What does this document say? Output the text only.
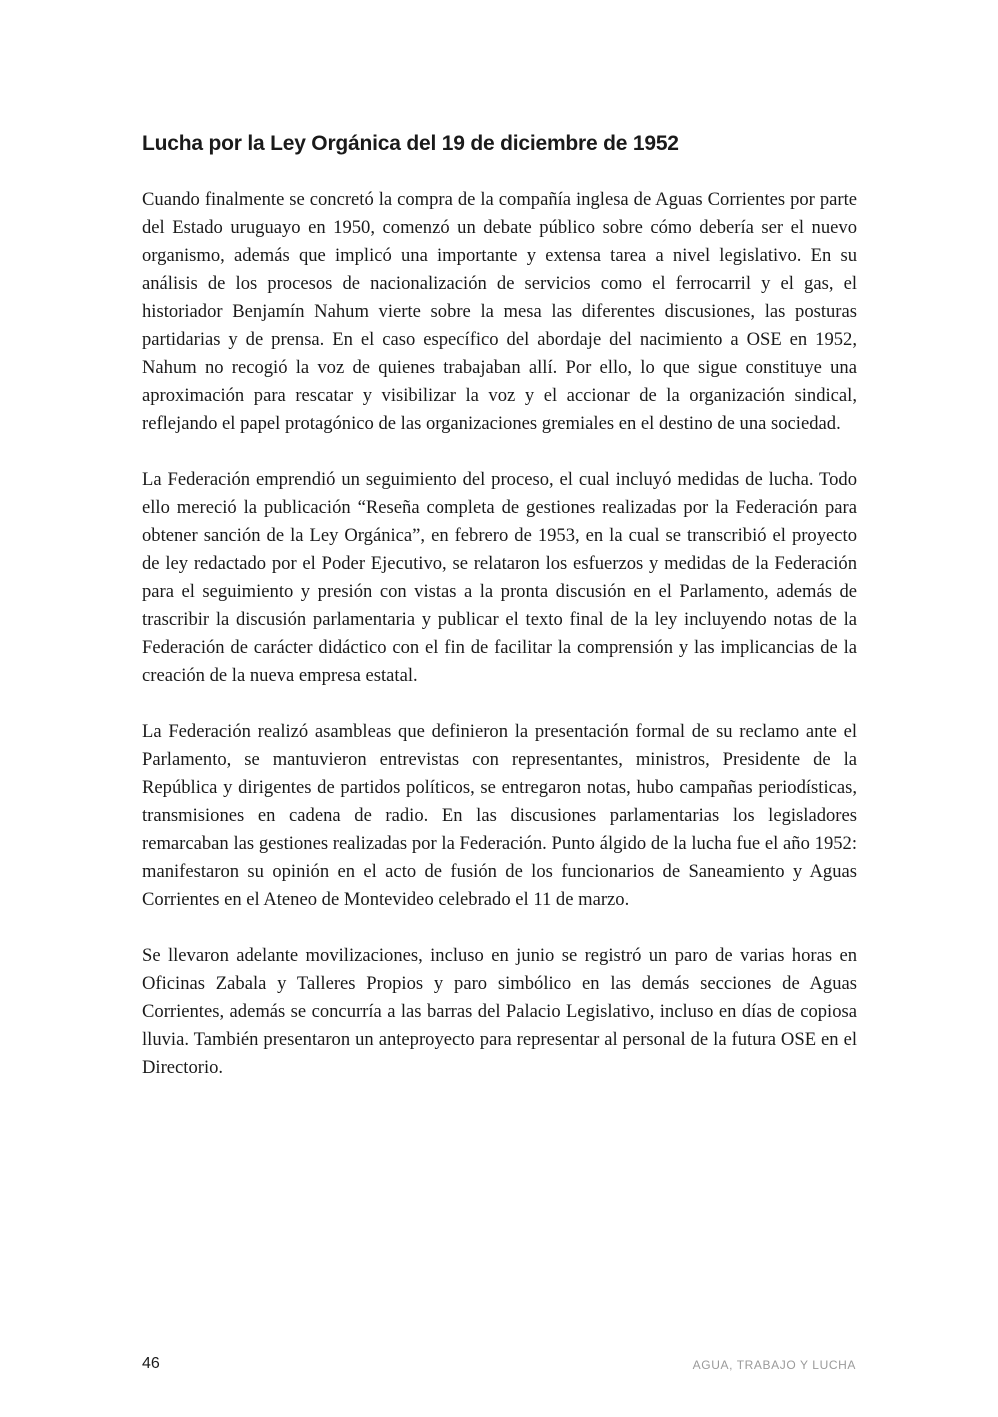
Lucha por la Ley Orgánica del 19 de diciembre de 1952

Cuando finalmente se concretó la compra de la compañía inglesa de Aguas Corrientes por parte del Estado uruguayo en 1950, comenzó un debate público sobre cómo debería ser el nuevo organismo, además que implicó una importante y extensa tarea a nivel legislativo. En su análisis de los procesos de nacionalización de servicios como el ferrocarril y el gas, el historiador Benjamín Nahum vierte sobre la mesa las diferentes discusiones, las posturas partidarias y de prensa. En el caso específico del abordaje del nacimiento a OSE en 1952, Nahum no recogió la voz de quienes trabajaban allí. Por ello, lo que sigue constituye una aproximación para rescatar y visibilizar la voz y el accionar de la organización sindical, reflejando el papel protagónico de las organizaciones gremiales en el destino de una sociedad.

La Federación emprendió un seguimiento del proceso, el cual incluyó medidas de lucha. Todo ello mereció la publicación “Reseña completa de gestiones realizadas por la Federación para obtener sanción de la Ley Orgánica”, en febrero de 1953, en la cual se transcribió el proyecto de ley redactado por el Poder Ejecutivo, se relataron los esfuerzos y medidas de la Federación para el seguimiento y presión con vistas a la pronta discusión en el Parlamento, además de trascribir la discusión parlamentaria y publicar el texto final de la ley incluyendo notas de la Federación de carácter didáctico con el fin de facilitar la comprensión y las implicancias de la creación de la nueva empresa estatal.

La Federación realizó asambleas que definieron la presentación formal de su reclamo ante el Parlamento, se mantuvieron entrevistas con representantes, ministros, Presidente de la República y dirigentes de partidos políticos, se entregaron notas, hubo campañas periodísticas, transmisiones en cadena de radio. En las discusiones parlamentarias los legisladores remarcaban las gestiones realizadas por la Federación. Punto álgido de la lucha fue el año 1952: manifestaron su opinión en el acto de fusión de los funcionarios de Saneamiento y Aguas Corrientes en el Ateneo de Montevideo celebrado el 11 de marzo.

Se llevaron adelante movilizaciones, incluso en junio se registró un paro de varias horas en Oficinas Zabala y Talleres Propios y paro simbólico en las demás secciones de Aguas Corrientes, además se concurría a las barras del Palacio Legislativo, incluso en días de copiosa lluvia. También presentaron un anteproyecto para representar al personal de la futura OSE en el Directorio.

46	AGUA, TRABAJO Y LUCHA
